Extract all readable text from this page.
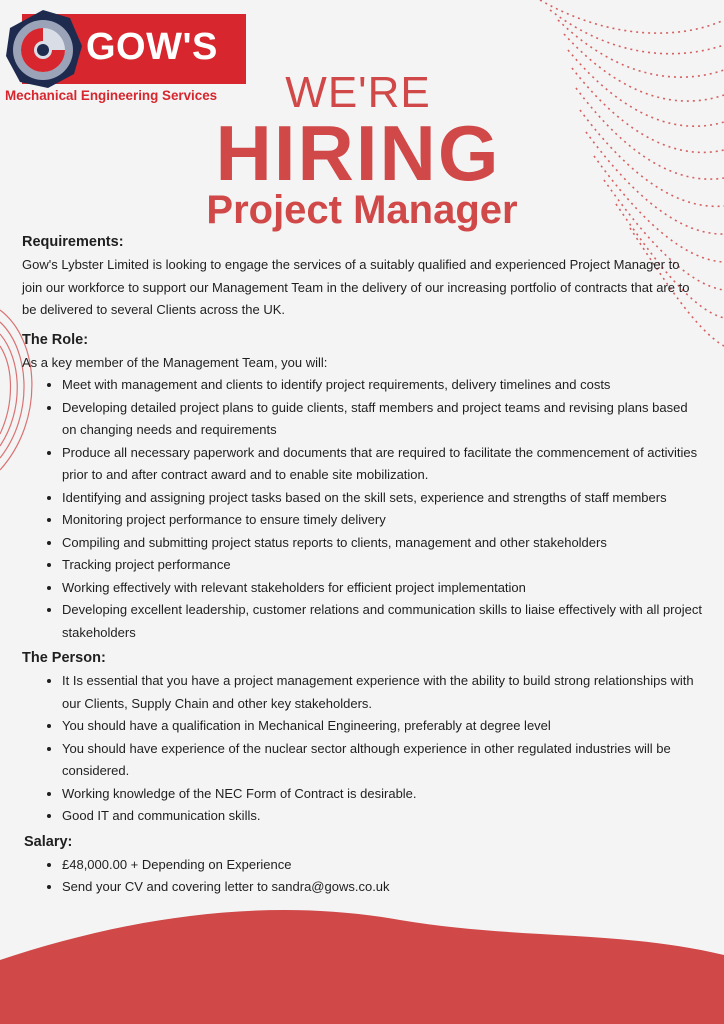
GOW'S
Mechanical Engineering Services	WE'RE
HIRING
Project Manager

Requirements:

Gow's Lybster Limited is looking to engage the services of a suitably qualified and experienced Project Manager to join our workforce to support our Management Team in the delivery of our increasing portfolio of contracts that are to be delivered to several Clients across the UK.

The Role:

As a key member of the Management Team, you will:

• Meet with management and clients to identify project requirements, delivery timelines and costs
• Developing detailed project plans to guide clients, staff members and project teams and revising plans based on changing needs and requirements
• Produce all necessary paperwork and documents that are required to facilitate the commencement of activities prior to and after contract award and to enable site mobilization.
• Identifying and assigning project tasks based on the skill sets, experience and strengths of staff members
• Monitoring project performance to ensure timely delivery
• Compiling and submitting project status reports to clients, management and other stakeholders
• Tracking project performance
• Working effectively with relevant stakeholders for efficient project implementation
• Developing excellent leadership, customer relations and communication skills to liaise effectively with all project stakeholders

The Person:

• It Is essential that you have a project management experience with the ability to build strong relationships with our Clients, Supply Chain and other key stakeholders.
• You should have a qualification in Mechanical Engineering, preferably at degree level
• You should have experience of the nuclear sector although experience in other regulated industries will be considered.
• Working knowledge of the NEC Form of Contract is desirable.
• Good IT and communication skills.

Salary:

• £48,000.00 + Depending on Experience
• Send your CV and covering letter to sandra@gows.co.uk
